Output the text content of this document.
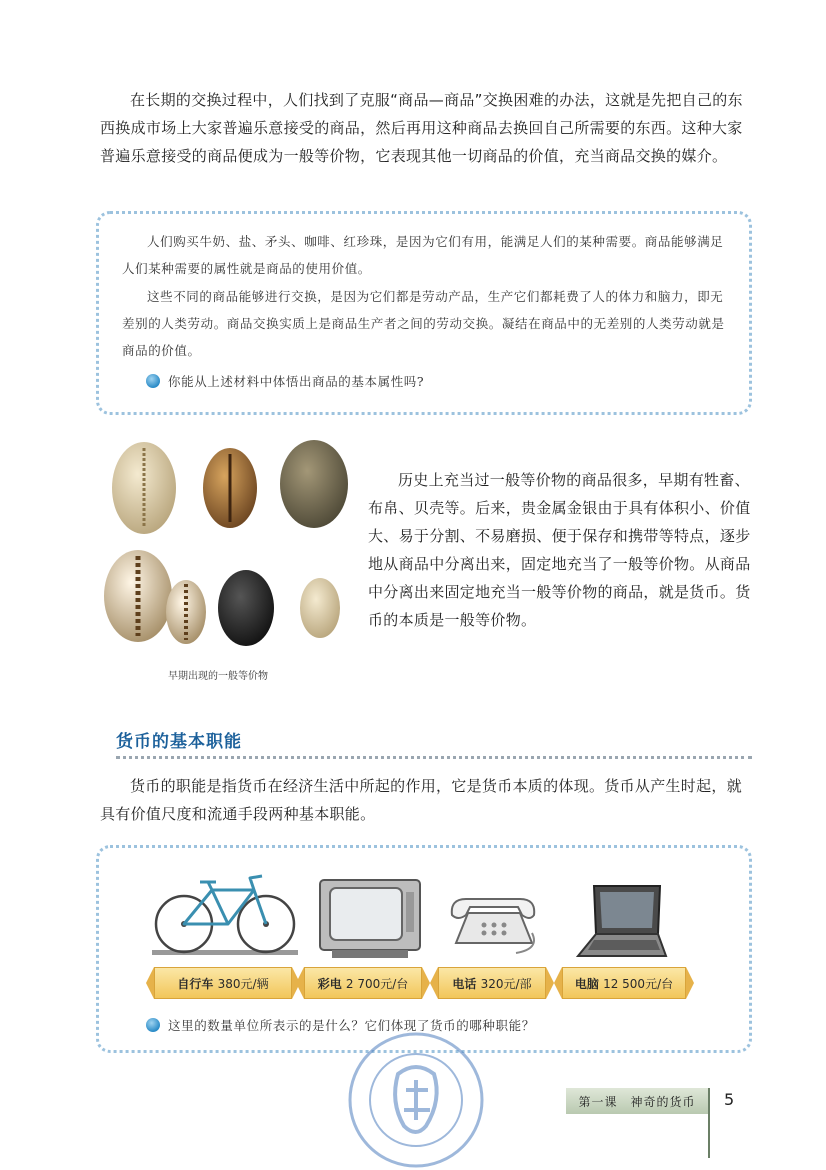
在长期的交换过程中，人们找到了克服“商品—商品”交换困难的办法，这就是先把自己的东西换成市场上大家普遍乐意接受的商品，然后再用这种商品去换回自己所需要的东西。这种大家普遍乐意接受的商品便成为一般等价物，它表现其他一切商品的价值，充当商品交换的媒介。
人们购买牛奶、盐、矛头、咖啡、红珍珠，是因为它们有用，能满足人们的某种需要。商品能够满足人们某种需要的属性就是商品的使用价值。
这些不同的商品能够进行交换，是因为它们都是劳动产品，生产它们都耗费了人的体力和脑力，即无差别的人类劳动。商品交换实质上是商品生产者之间的劳动交换。凝结在商品中的无差别的人类劳动就是商品的价值。
你能从上述材料中体悟出商品的基本属性吗?
早期出现的一般等价物
历史上充当过一般等价物的商品很多，早期有牲畜、布帛、贝壳等。后来，贵金属金银由于具有体积小、价值大、易于分割、不易磨损、便于保存和携带等特点，逐步地从商品中分离出来，固定地充当了一般等价物。从商品中分离出来固定地充当一般等价物的商品，就是货币。货币的本质是一般等价物。
货币的基本职能
货币的职能是指货币在经济生活中所起的作用，它是货币本质的体现。货币从产生时起，就具有价值尺度和流通手段两种基本职能。
自行车
380元/辆	彩电
2 700元/台	电话
320元/部	电脑
12 500元/台
这里的数量单位所表示的是什么？它们体现了货币的哪种职能？
第一课　神奇的货币	5
